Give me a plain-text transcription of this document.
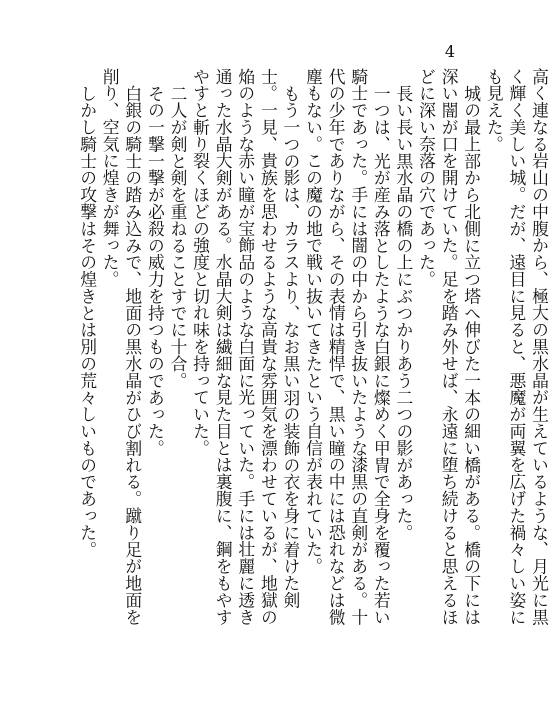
4

高く連なる岩山の中腹から、極大の黒水晶が生えているような、月光に黒く輝く美しい城。だが、遠目に見ると、悪魔が両翼を広げた禍々しい姿にも見えた。

城の最上部から北側に立つ塔へ伸びた一本の細い橋がある。橋の下には深い闇が口を開けていた。足を踏み外せば、永遠に堕ち続けると思えるほどに深い奈落の穴であった。

長い長い黒水晶の橋の上にぶつかりあう二つの影があった。

一つは、光が産み落としたような白銀に燦めく甲冑で全身を覆った若い騎士であった。手には闇の中から引き抜いたような漆黒の直剣がある。十代の少年でありながら、その表情は精悍で、黒い瞳の中には恐れなどは微塵もない。この魔の地で戦い抜いてきたという自信が表れていた。

もう一つの影は、カラスより、なお黒い羽の装飾の衣を身に着けた剣士。一見、貴族を思わせるような高貴な雰囲気を漂わせているが、地獄の焔のような赤い瞳が宝飾品のような白面に光っていた。手には壮麗に透き通った水晶大剣がある。水晶大剣は繊細な見た目とは裏腹に、鋼をもやすやすと斬り裂くほどの強度と切れ味を持っていた。

二人が剣と剣を重ねることすでに十合。

その一撃一撃が必殺の威力を持つものであった。

白銀の騎士の踏み込みで、地面の黒水晶がひび割れる。蹴り足が地面を削り、空気に煌きが舞った。

しかし騎士の攻撃はその煌きとは別の荒々しいものであった。
